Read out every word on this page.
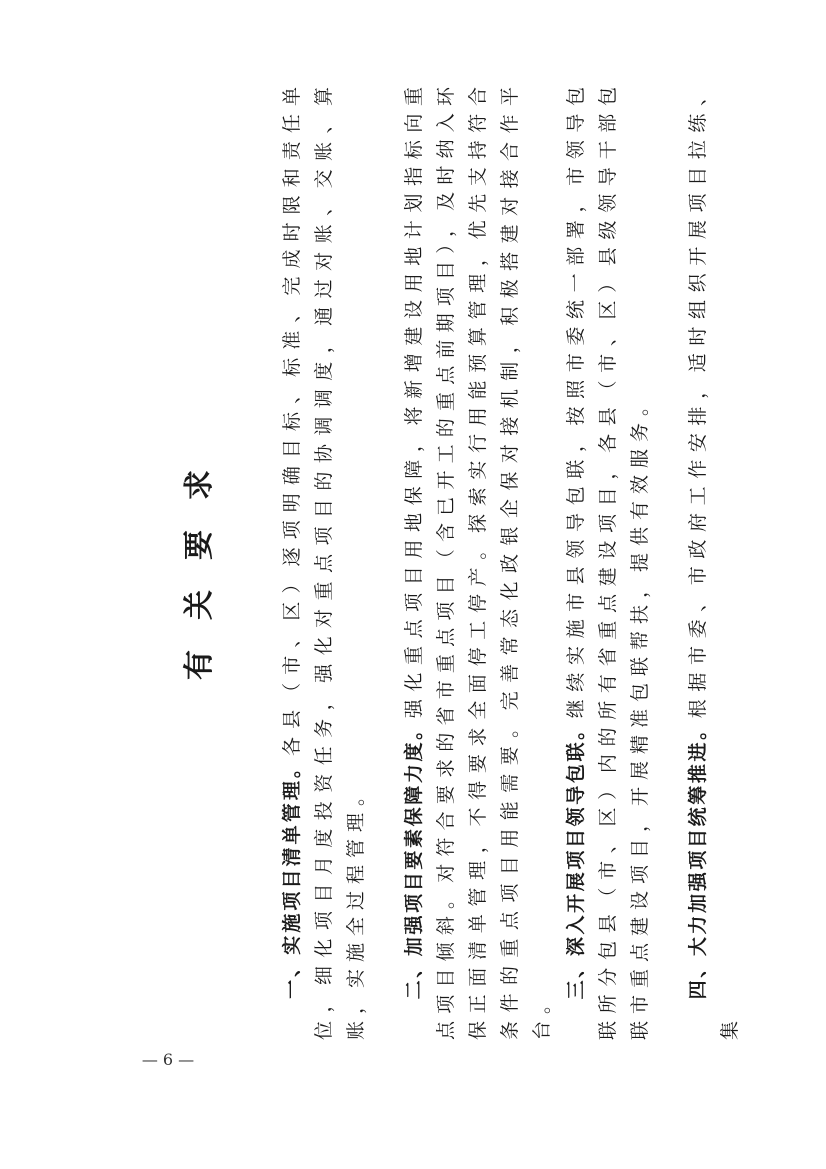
有关要求
一、实施项目清单管理。各县（市、区）逐项明确目标、标准、完成时限和责任单位，细化项目月度投资任务，强化对重点项目的协调调度，通过对账、交账、算账，实施全过程管理。 二、加强项目要素保障力度。强化重点项目用地保障，将新增建设用地计划指标向重点项目倾斜。对符合要求的省市重点项目（含已开工的重点前期项目），及时纳入环保正面清单管理，不得要求全面停工停产。探索实行用能预算管理，优先支持符合条件的重点项目用能需要。完善常态化政银企保对接机制，积极搭建对接合作平台。
三、深入开展项目领导包联。继续实施市县领导包联，按照市委统一部署，市领导包联所分包县（市、区）内的所有省重点建设项目，各县（市、区）县级领导干部包联市重点建设项目，开展精准包联帮扶，提供有效服务。 四、大力加强项目统筹推进。根据市委、市政府工作安排，适时组织开展项目拉练、集
— 6 —
